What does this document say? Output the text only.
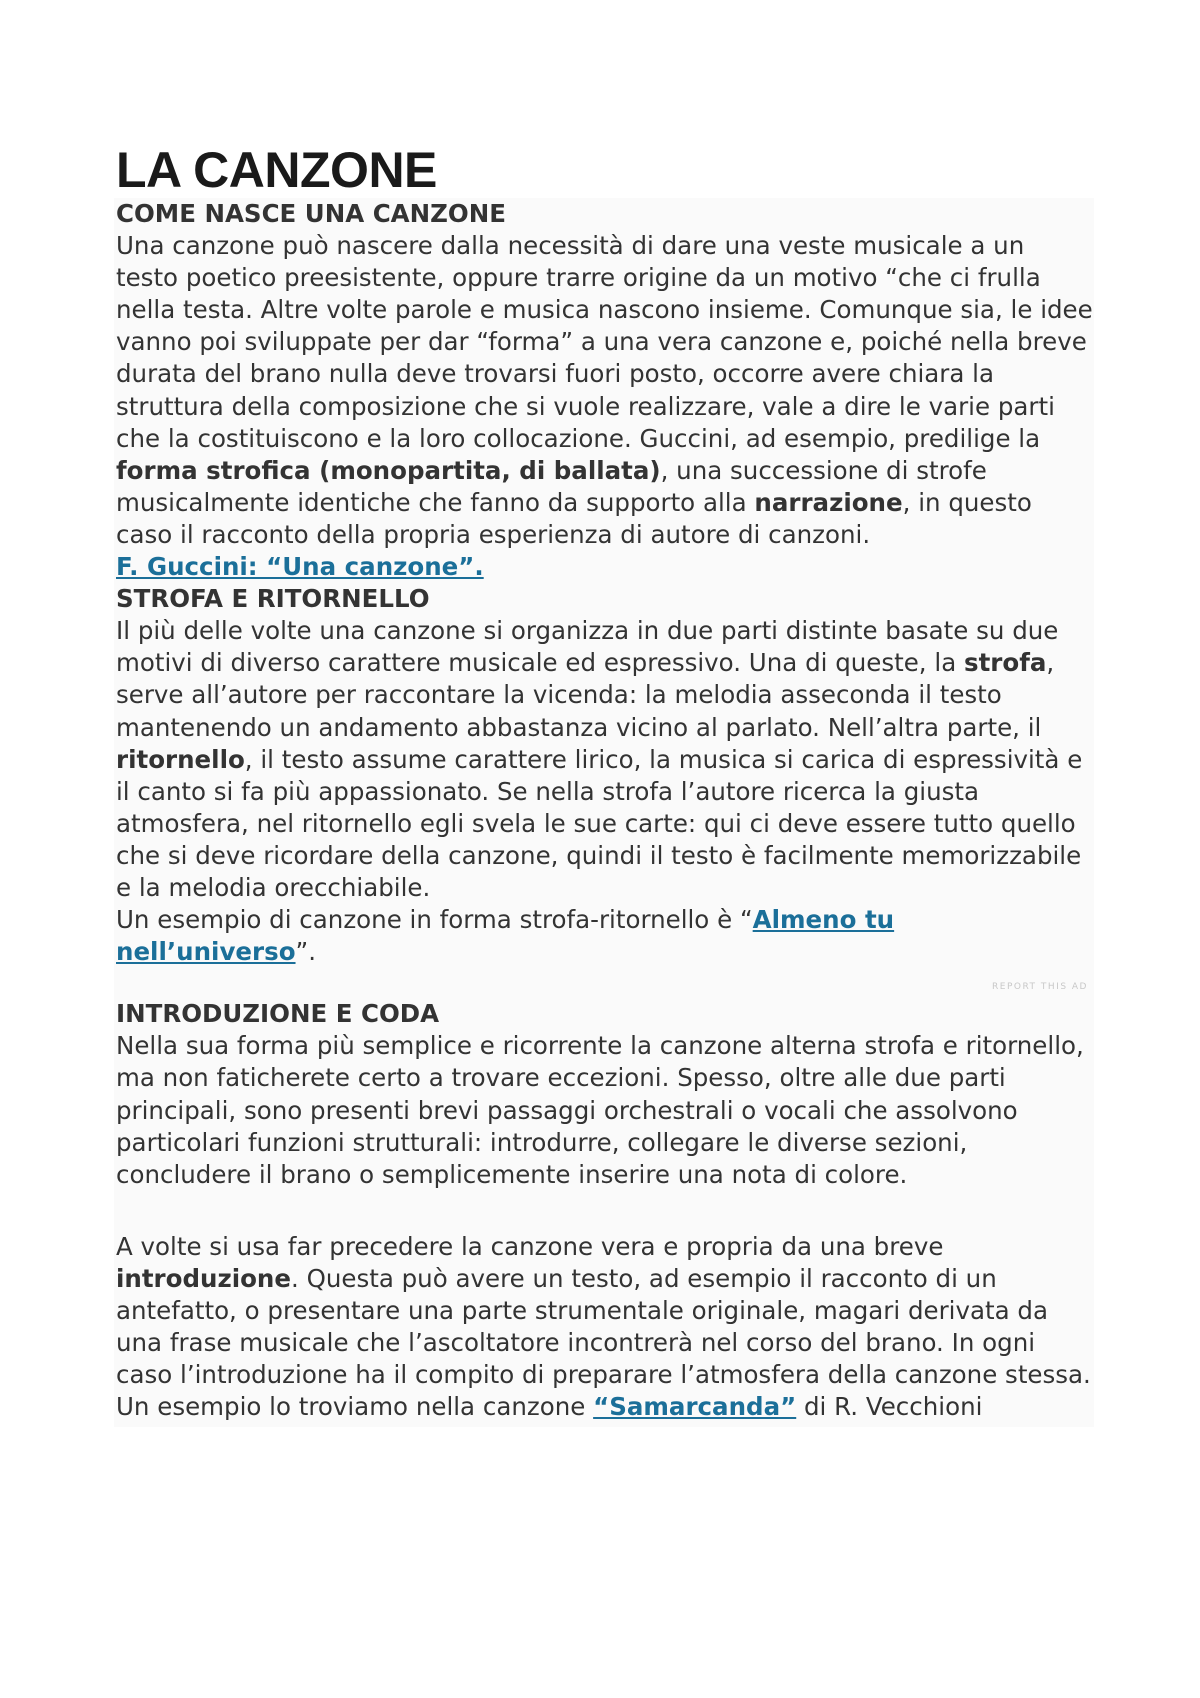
LA CANZONE
COME NASCE UNA CANZONE

Una canzone può nascere dalla necessità di dare una veste musicale a un testo poetico preesistente, oppure trarre origine da un motivo “che ci frulla nella testa. Altre volte parole e musica nascono insieme. Comunque sia, le idee vanno poi sviluppate per dar “forma” a una vera canzone e, poiché nella breve durata del brano nulla deve trovarsi fuori posto, occorre avere chiara la struttura della composizione che si vuole realizzare, vale a dire le varie parti che la costituiscono e la loro collocazione. Guccini, ad esempio, predilige la forma strofica (monopartita, di ballata), una successione di strofe musicalmente identiche che fanno da supporto alla narrazione, in questo caso il racconto della propria esperienza di autore di canzoni.

F. Guccini: “Una canzone”.

STROFA E RITORNELLO

Il più delle volte una canzone si organizza in due parti distinte basate su due motivi di diverso carattere musicale ed espressivo. Una di queste, la strofa, serve all’autore per raccontare la vicenda: la melodia asseconda il testo mantenendo un andamento abbastanza vicino al parlato. Nell’altra parte, il ritornello, il testo assume carattere lirico, la musica si carica di espressività e il canto si fa più appassionato. Se nella strofa l’autore ricerca la giusta atmosfera, nel ritornello egli svela le sue carte: qui ci deve essere tutto quello che si deve ricordare della canzone, quindi il testo è facilmente memorizzabile e la melodia orecchiabile.

Un esempio di canzone in forma strofa-ritornello è “Almeno tu nell’universo”.

REPORT THIS AD
INTRODUZIONE E CODA

Nella sua forma più semplice e ricorrente la canzone alterna strofa e ritornello, ma non faticherete certo a trovare eccezioni. Spesso, oltre alle due parti principali, sono presenti brevi passaggi orchestrali o vocali che assolvono particolari funzioni strutturali: introdurre, collegare le diverse sezioni, concludere il brano o semplicemente inserire una nota di colore.

A volte si usa far precedere la canzone vera e propria da una breve introduzione. Questa può avere un testo, ad esempio il racconto di un antefatto, o presentare una parte strumentale originale, magari derivata da una frase musicale che l’ascoltatore incontrerà nel corso del brano. In ogni caso l’introduzione ha il compito di preparare l’atmosfera della canzone stessa. Un esempio lo troviamo nella canzone “Samarcanda” di R. Vecchioni
